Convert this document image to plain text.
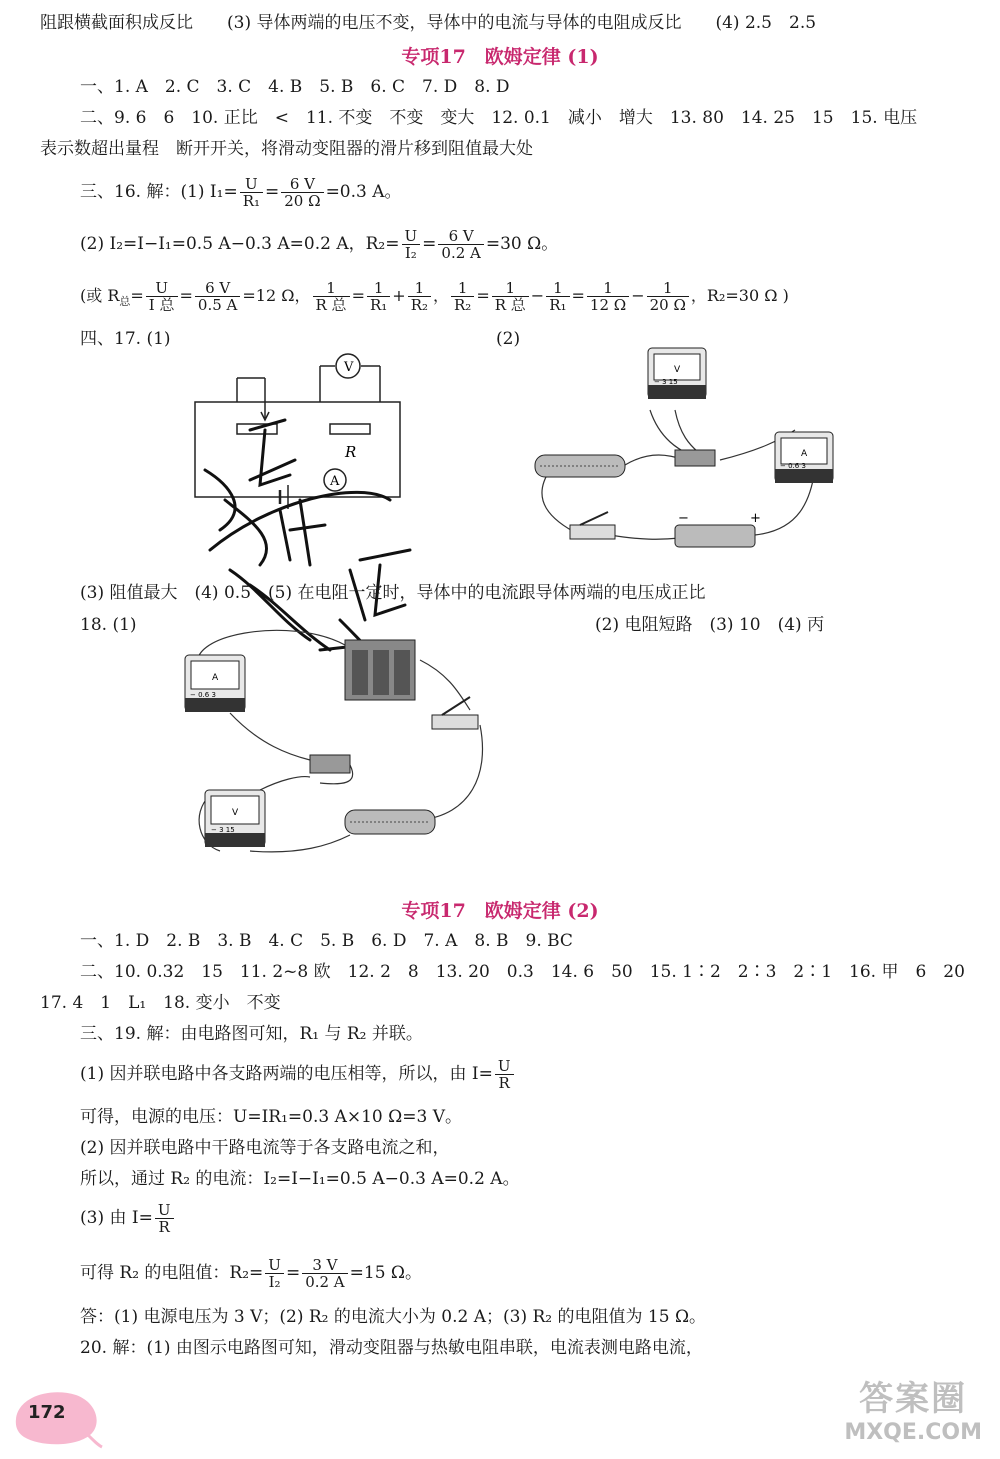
阻跟横截面积成反比　　(3) 导体两端的电压不变，导体中的电流与导体的电阻成反比　　(4) 2.5　2.5
专项17　欧姆定律 (1)
一、1. A　2. C　3. C　4. B　5. B　6. C　7. D　8. D
二、9. 6　6　10. 正比　<　11. 不变　不变　变大　12. 0.1　减小　增大　13. 80　14. 25　15　15. 电压
表示数超出量程　断开开关，将滑动变阻器的滑片移到阻值最大处
三、16. 解：(1) $I_1= \frac{U}{\text{R₁}} = \frac{6 V}{20 \Omega} =0.3$ A。
(2) I₂=I−I₁=0.5 A−0.3 A=0.2 A，$R_2= \frac{U}{\text{I₂}} = \frac{6 V}{0.2 A} =30$ Ω。
(或 $R_总= \frac{U}{\text{I 总}} = \frac{6 V}{0.5 A} =12$ Ω， $\frac{1}{\text{R 总}} = \frac{1}{\text{R₁}} + \frac{1}{\text{R₂}}$ ， $\frac{1}{\text{R₂}} = \frac{1}{\text{R 总}} - \frac{1}{\text{R₁}} = \frac{1}{12 \Omega} - \frac{1}{20 \Omega}$ ，R₂=30 Ω )
四、17. (1)	(2)
V
A
R
V
− 3 15
A
− 0.6 3
−	+
(3) 阻值最大　(4) 0.5　(5) 在电阻一定时，导体中的电流跟导体两端的电压成正比
18. (1)	(2) 电阻短路　(3) 10　(4) 丙
A
− 0.6 3
V
− 3 15
专项17　欧姆定律 (2)
一、1. D　2. B　3. B　4. C　5. B　6. D　7. A　8. B　9. BC
二、10. 0.32　15　11. 2~8 欧　12. 2　8　13. 20　0.3　14. 6　50　15. 1∶2　2∶3　2∶1　16. 甲　6　20
17. 4　1　L₁　18. 变小　不变
三、19. 解：由电路图可知，R₁ 与 R₂ 并联。
(1) 因并联电路中各支路两端的电压相等，所以，由 $I= \frac{U}{R}$
可得，电源的电压：U=IR₁=0.3 A×10 Ω=3 V。
(2) 因并联电路中干路电流等于各支路电流之和，
所以，通过 R₂ 的电流：I₂=I−I₁=0.5 A−0.3 A=0.2 A。
(3) 由 $I= \frac{U}{R}$
可得 R₂ 的电阻值：$R_2= \frac{U}{\text{I₂}} = \frac{3 V}{0.2 A} =15$ Ω。
答：(1) 电源电压为 3 V；(2) R₂ 的电流大小为 0.2 A；(3) R₂ 的电阻值为 15 Ω。
20. 解：(1) 由图示电路图可知，滑动变阻器与热敏电阻串联，电流表测电路电流，
172	答案圈
MXQE.COM
